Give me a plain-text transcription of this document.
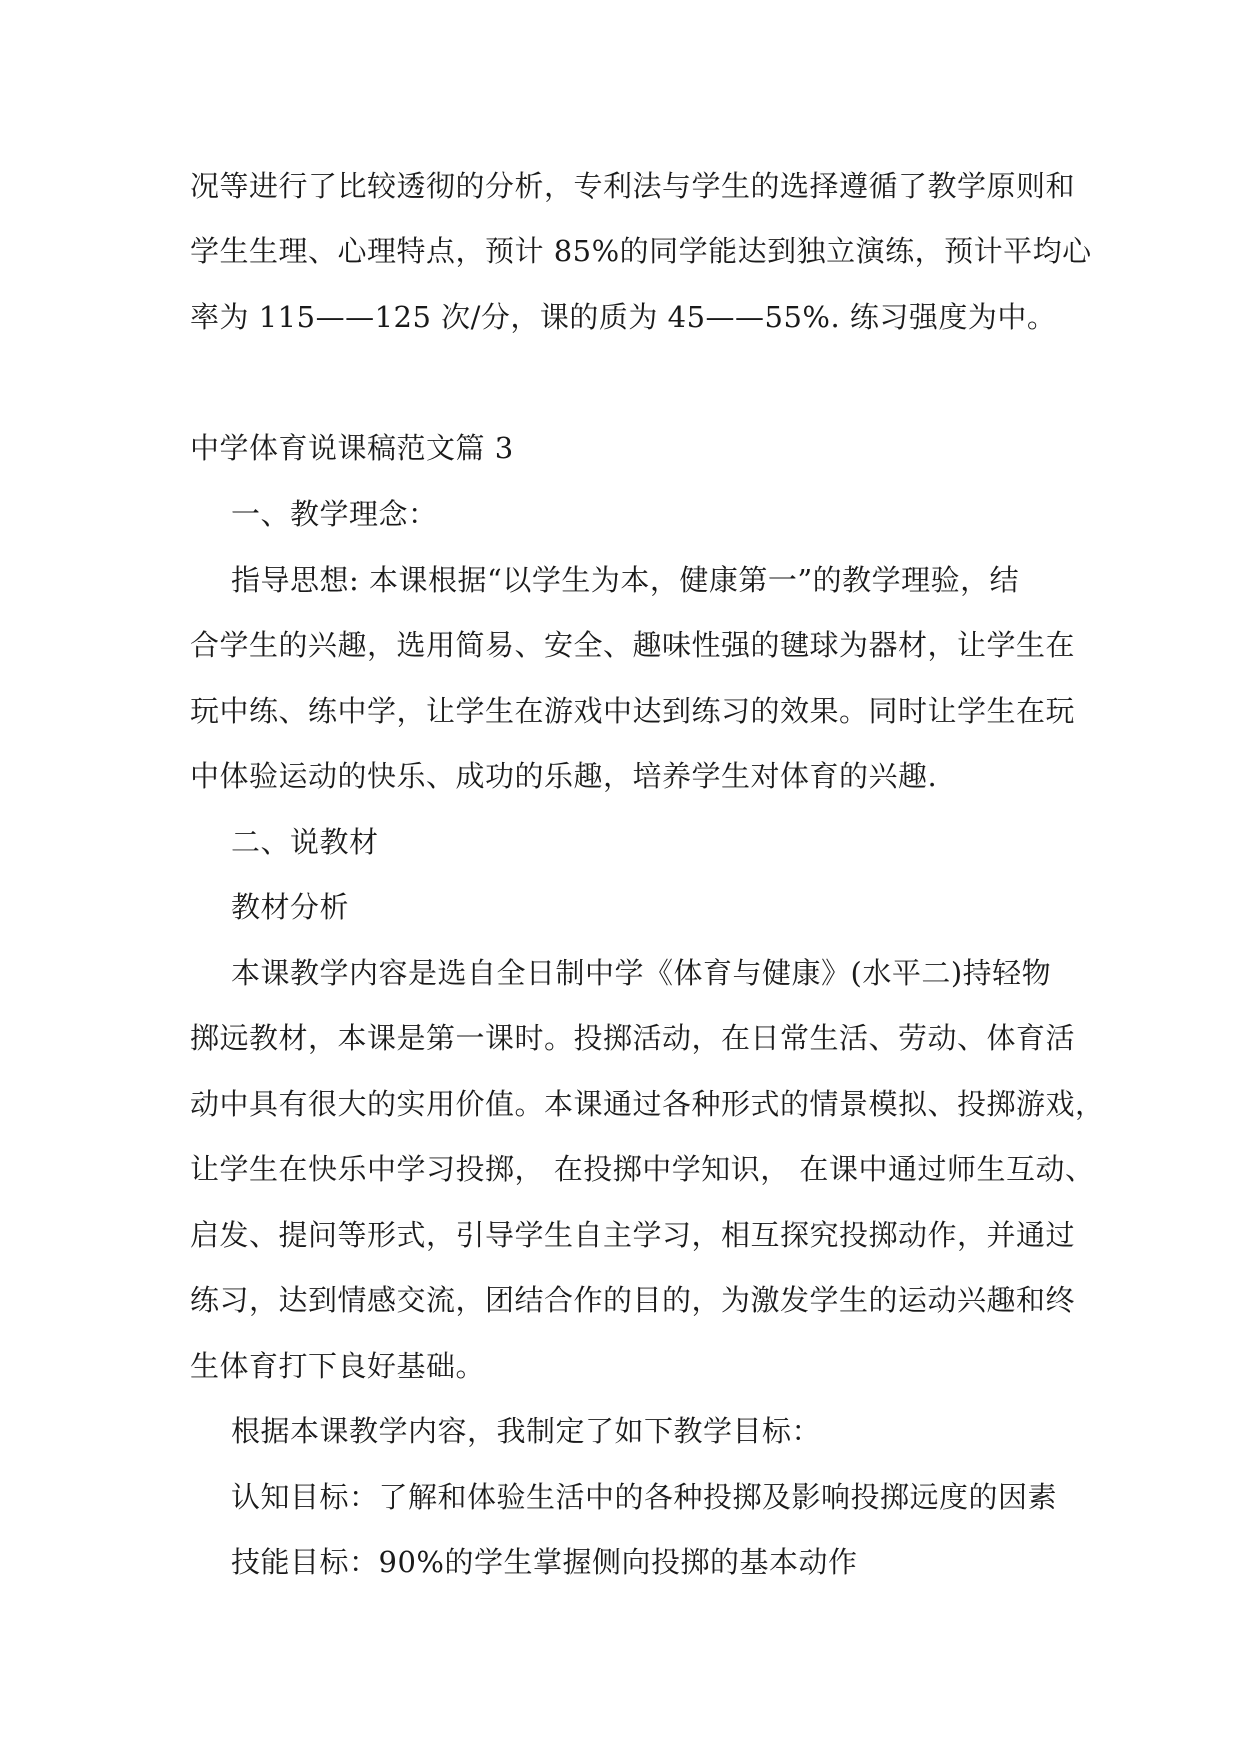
况等进行了比较透彻的分析，专利法与学生的选择遵循了教学原则和
学生生理、心理特点，预计 85%的同学能达到独立演练，预计平均心
率为 115——125 次/分，课的质为 45——55%. 练习强度为中。
中学体育说课稿范文篇 3
一、教学理念：
指导思想: 本课根据“以学生为本，健康第一”的教学理验，结
合学生的兴趣，选用简易、安全、趣味性强的毽球为器材，让学生在
玩中练、练中学，让学生在游戏中达到练习的效果。同时让学生在玩
中体验运动的快乐、成功的乐趣，培养学生对体育的兴趣.
二、说教材
教材分析
本课教学内容是选自全日制中学《体育与健康》(水平二)持轻物
掷远教材，本课是第一课时。投掷活动，在日常生活、劳动、体育活
动中具有很大的实用价值。本课通过各种形式的情景模拟、投掷游戏，
让学生在快乐中学习投掷， 在投掷中学知识， 在课中通过师生互动、
启发、提问等形式，引导学生自主学习，相互探究投掷动作，并通过
练习，达到情感交流，团结合作的目的，为激发学生的运动兴趣和终
生体育打下良好基础。
根据本课教学内容，我制定了如下教学目标：
认知目标：了解和体验生活中的各种投掷及影响投掷远度的因素
技能目标：90%的学生掌握侧向投掷的基本动作
